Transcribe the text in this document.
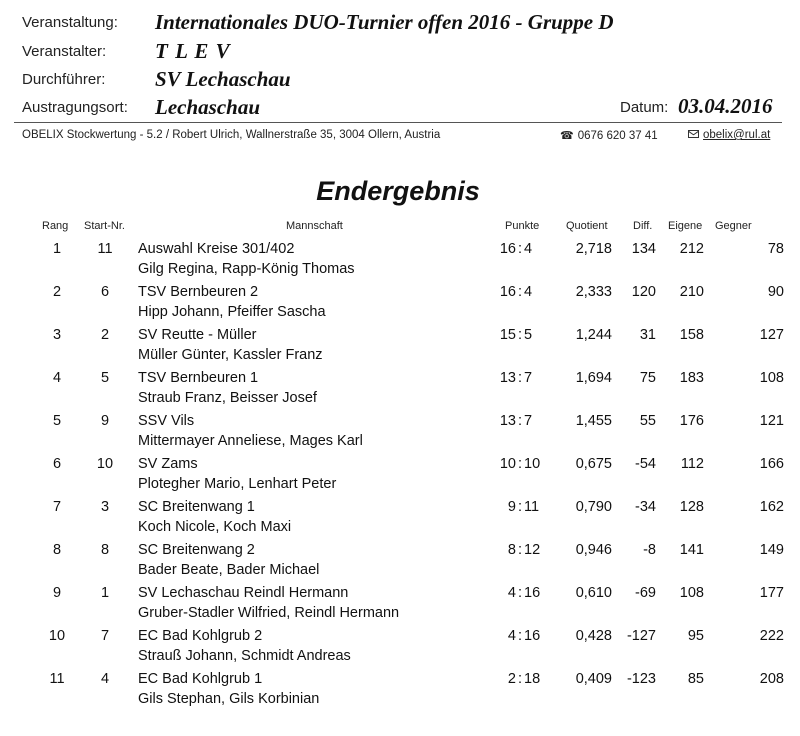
Veranstaltung: Internationales DUO-Turnier offen 2016 - Gruppe D
Veranstalter: T L E V
Durchführer: SV Lechaschau
Austragungsort: Lechaschau	Datum: 03.04.2016
OBELIX Stockwertung - 5.2 / Robert Ulrich, Wallnerstraße 35, 3004 Ollern, Austria	☎ 0676 620 37 41	obelix@rul.at
Endergebnis
Rang Start-Nr.	Mannschaft	Punkte Quotient Diff. Eigene Gegner
1	11	Auswahl Kreise 301/402	16 4	2,718	134	212	78
:
Gilg Regina, Rapp-König Thomas
2	6	TSV Bernbeuren 2	16 4	2,333	120	210	90
:
Hipp Johann, Pfeiffer Sascha
3	2	SV Reutte - Müller	15 5	1,244	31	158	127
:
Müller Günter, Kassler Franz
4	5	TSV Bernbeuren 1	13 7	1,694	75	183	108
:
Straub Franz, Beisser Josef
5	9	SSV Vils	13 7	1,455	55	176	121
:
Mittermayer Anneliese, Mages Karl
6	10	SV Zams	10 10	0,675	-54	112	166
:
Plotegher Mario, Lenhart Peter
7	3	SC Breitenwang 1	9 11	0,790	-34	128	162
:
Koch Nicole, Koch Maxi
8	8	SC Breitenwang 2	8 12	0,946	-8	141	149
:
Bader Beate, Bader Michael
9	1	SV Lechaschau Reindl Hermann	4 16	0,610	-69	108	177
:
Gruber-Stadler Wilfried, Reindl Hermann
10	7	EC Bad Kohlgrub 2	4 16	0,428	-127	95	222
:
Strauß Johann, Schmidt Andreas
11	4	EC Bad Kohlgrub 1	2 18	0,409	-123	85	208
:
Gils Stephan, Gils Korbinian
